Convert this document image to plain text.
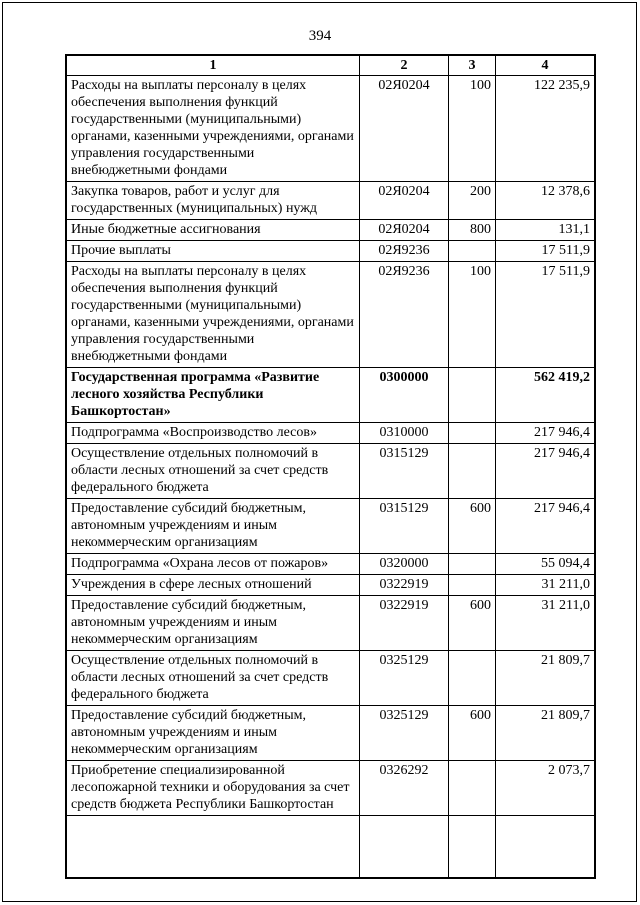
394
1	2	3	4
Расходы на выплаты персоналу в целях обеспечения выполнения функций государственными (муниципальными) органами, казенными учреждениями, органами управления государственными внебюджетными фондами	02Я0204	100	122 235,9
Закупка товаров, работ и услуг для государственных (муниципальных) нужд	02Я0204	200	12 378,6
Иные бюджетные ассигнования	02Я0204	800	131,1
Прочие выплаты	02Я9236		17 511,9
Расходы на выплаты персоналу в целях обеспечения выполнения функций государственными (муниципальными) органами, казенными учреждениями, органами управления государственными внебюджетными фондами	02Я9236	100	17 511,9
Государственная программа «Развитие лесного хозяйства Республики Башкортостан»	0300000		562 419,2
Подпрограмма «Воспроизводство лесов»	0310000		217 946,4
Осуществление отдельных полномочий в области лесных отношений за счет средств федерального бюджета	0315129		217 946,4
Предоставление субсидий бюджетным, автономным учреждениям и иным некоммерческим организациям	0315129	600	217 946,4
Подпрограмма «Охрана лесов от пожаров»	0320000		55 094,4
Учреждения в сфере лесных отношений	0322919		31 211,0
Предоставление субсидий бюджетным, автономным учреждениям и иным некоммерческим организациям	0322919	600	31 211,0
Осуществление отдельных полномочий в области лесных отношений за счет средств федерального бюджета	0325129		21 809,7
Предоставление субсидий бюджетным, автономным учреждениям и иным некоммерческим организациям	0325129	600	21 809,7
Приобретение специализированной лесопожарной техники и оборудования за счет средств бюджета Республики Башкортостан	0326292		2 073,7
